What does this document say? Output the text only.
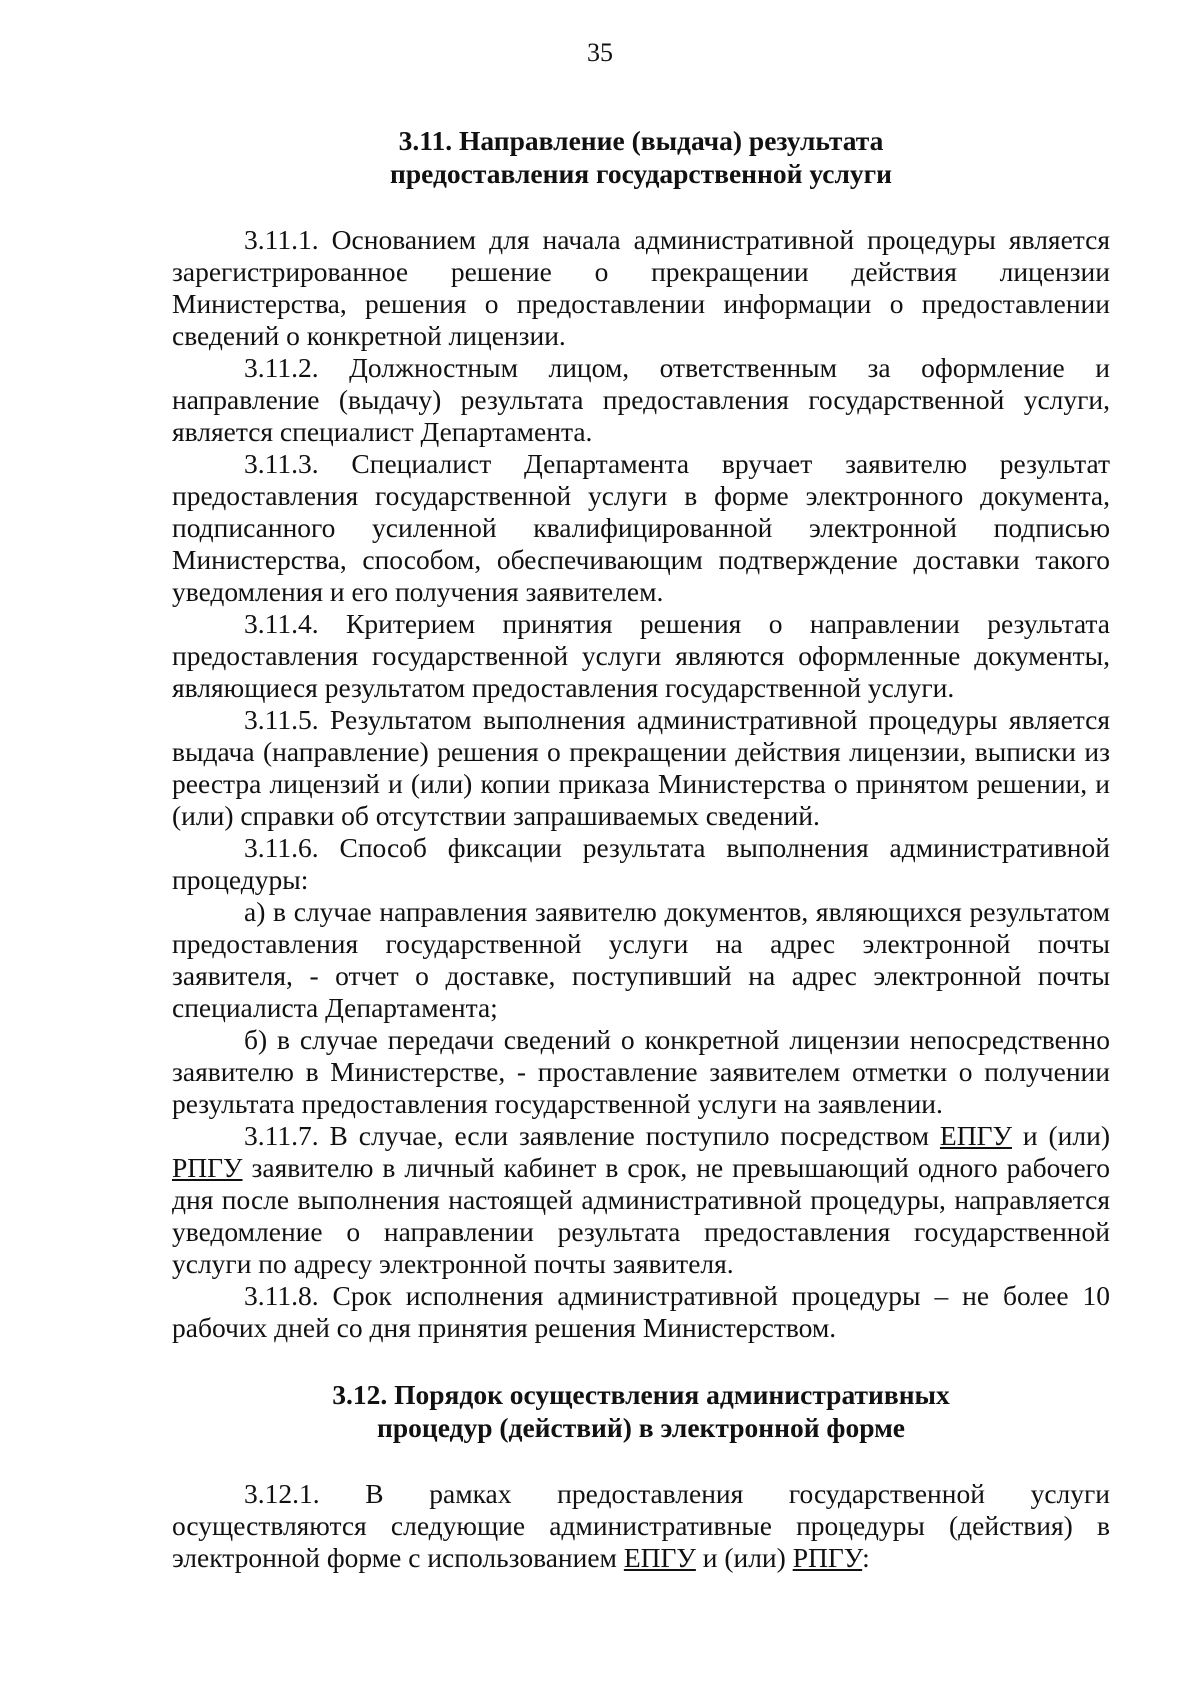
35
3.11. Направление (выдача) результата
предоставления государственной услуги

3.11.1. Основанием для начала административной процедуры является зарегистрированное решение о прекращении действия лицензии Министерства, решения о предоставлении информации о предоставлении сведений о конкретной лицензии.

3.11.2. Должностным лицом, ответственным за оформление и направление (выдачу) результата предоставления государственной услуги, является специалист Департамента.

3.11.3. Специалист Департамента вручает заявителю результат предоставления государственной услуги в форме электронного документа, подписанного усиленной квалифицированной электронной подписью Министерства, способом, обеспечивающим подтверждение доставки такого уведомления и его получения заявителем.

3.11.4. Критерием принятия решения о направлении результата предоставления государственной услуги являются оформленные документы, являющиеся результатом предоставления государственной услуги.

3.11.5. Результатом выполнения административной процедуры является выдача (направление) решения о прекращении действия лицензии, выписки из реестра лицензий и (или) копии приказа Министерства о принятом решении, и (или) справки об отсутствии запрашиваемых сведений.

3.11.6. Способ фиксации результата выполнения административной процедуры:

а) в случае направления заявителю документов, являющихся результатом предоставления государственной услуги на адрес электронной почты заявителя, - отчет о доставке, поступивший на адрес электронной почты специалиста Департамента;

б) в случае передачи сведений о конкретной лицензии непосредственно заявителю в Министерстве, - проставление заявителем отметки о получении результата предоставления государственной услуги на заявлении.

3.11.7. В случае, если заявление поступило посредством ЕПГУ и (или) РПГУ заявителю в личный кабинет в срок, не превышающий одного рабочего дня после выполнения настоящей административной процедуры, направляется уведомление о направлении результата предоставления государственной услуги по адресу электронной почты заявителя.

3.11.8. Срок исполнения административной процедуры – не более 10 рабочих дней со дня принятия решения Министерством.

3.12. Порядок осуществления административных
процедур (действий) в электронной форме

3.12.1. В рамках предоставления государственной услуги осуществляются следующие административные процедуры (действия) в электронной форме с использованием ЕПГУ и (или) РПГУ:
